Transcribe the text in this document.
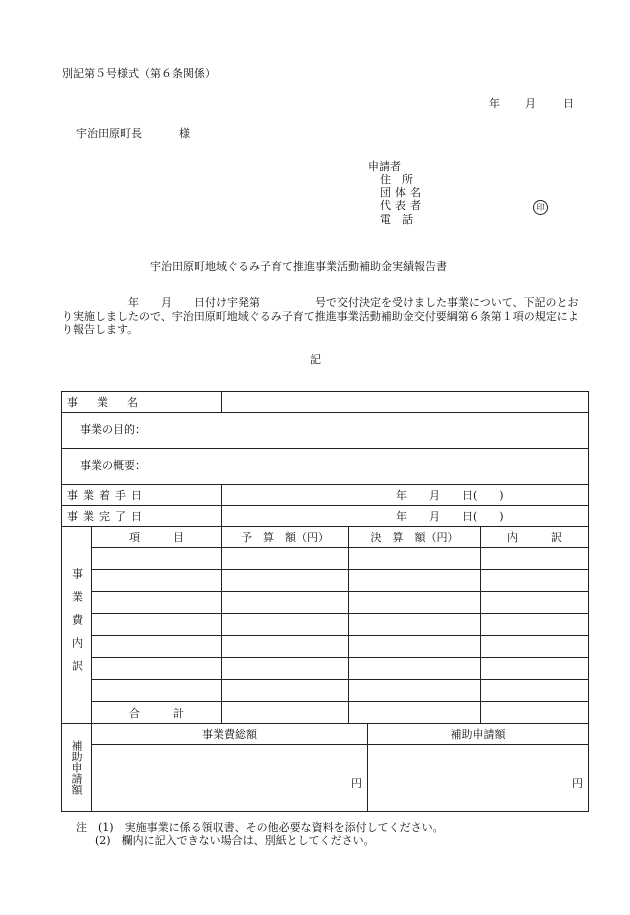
別記第５号様式（第６条関係）
年 月 日
宇治田原町長	様
申請者
住　所
団体名
代表者	印
電　話
宇治田原町地域ぐるみ子育て推進事業活動補助金実績報告書
　　　　　　年　　月　　日付け宇発第　　　　　号で交付決定を受けました事業について、下記のとおり実施しましたので、宇治田原町地域ぐるみ子育て推進事業活動補助金交付要綱第６条第１項の規定により報告します。
記
事業名					
事業の目的：					
事業の概要：					
事業着手日		年　　月　　日(　　)			
事業完了日		年　　月　　日(　　)			

事業費内訳	項　　　目	予　算　額（円）	決　算　額（円）		内　　　訳

	合　　　計				

補助申請額	事業費総額			補助申請額	
	円			円	
注　 (1)　 実施事業に係る領収書、その他必要な資料を添付してください。
(2)　 欄内に記入できない場合は、別紙としてください。
